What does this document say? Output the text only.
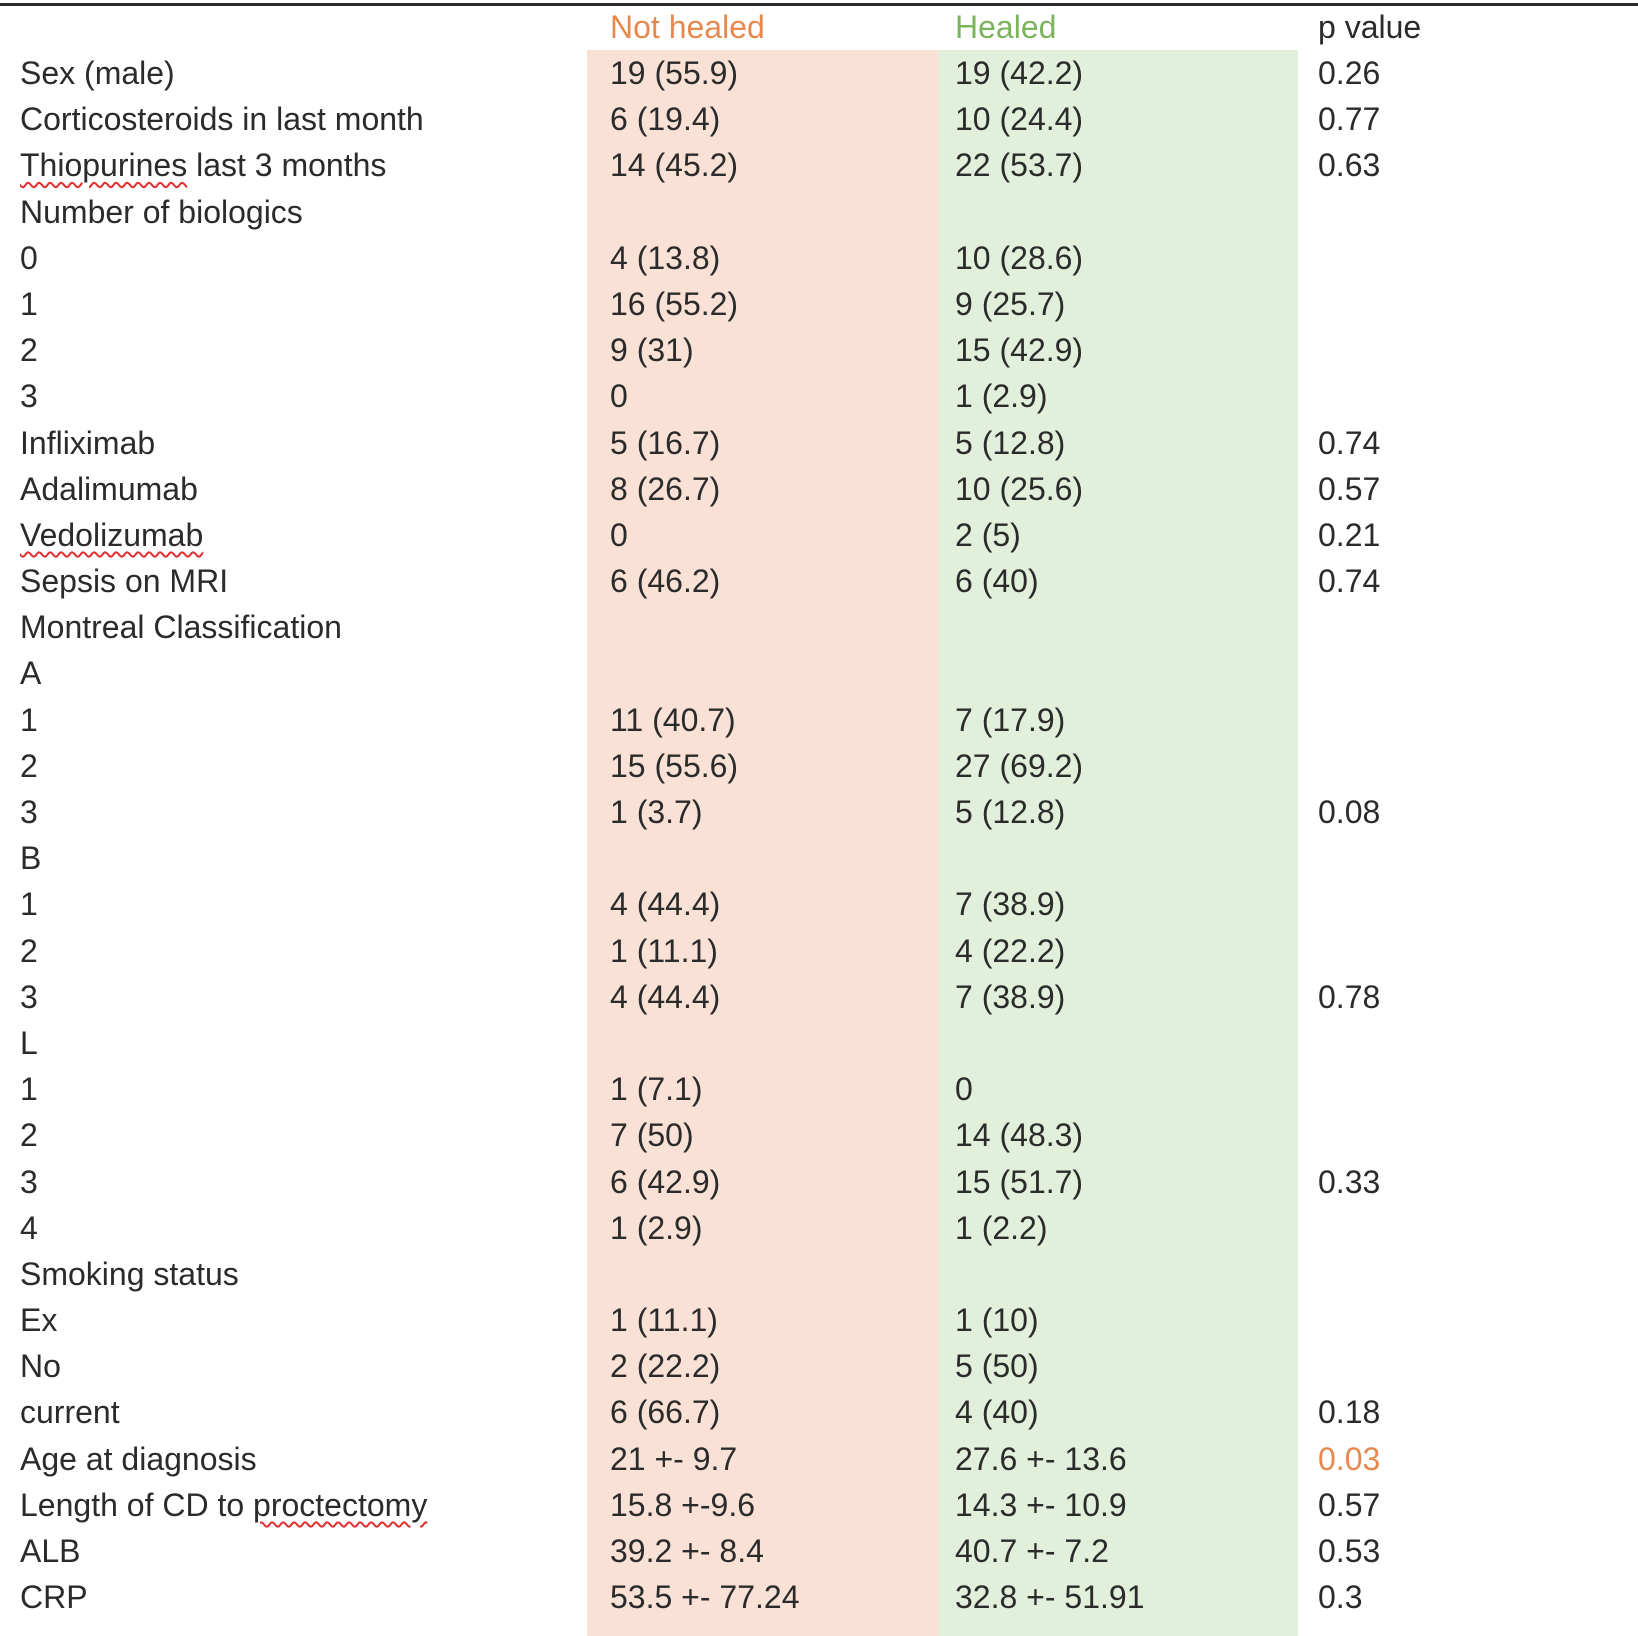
Not healed	Healed	p value
Sex (male)	19 (55.9)	19 (42.2)	0.26
Corticosteroids in last month	6 (19.4)	10 (24.4)	0.77
Thiopurines last 3 months	14 (45.2)	22 (53.7)	0.63
Number of biologics
0	4 (13.8)	10 (28.6)
1	16 (55.2)	9 (25.7)
2	9 (31)	15 (42.9)
3	0	1 (2.9)
Infliximab	5 (16.7)	5 (12.8)	0.74
Adalimumab	8 (26.7)	10 (25.6)	0.57
Vedolizumab	0	2 (5)	0.21
Sepsis on MRI	6 (46.2)	6 (40)	0.74
Montreal Classification
A
1	11 (40.7)	7 (17.9)
2	15 (55.6)	27 (69.2)
3	1 (3.7)	5 (12.8)	0.08
B
1	4 (44.4)	7 (38.9)
2	1 (11.1)	4 (22.2)
3	4 (44.4)	7 (38.9)	0.78
L
1	1 (7.1)	0
2	7 (50)	14 (48.3)
3	6 (42.9)	15 (51.7)	0.33
4	1 (2.9)	1 (2.2)
Smoking status
Ex	1 (11.1)	1 (10)
No	2 (22.2)	5 (50)
current	6 (66.7)	4 (40)	0.18
Age at diagnosis	21 +- 9.7	27.6 +- 13.6	0.03
Length of CD to proctectomy	15.8 +-9.6	14.3 +- 10.9	0.57
ALB	39.2 +- 8.4	40.7 +- 7.2	0.53
CRP	53.5 +- 77.24	32.8 +- 51.91	0.3
